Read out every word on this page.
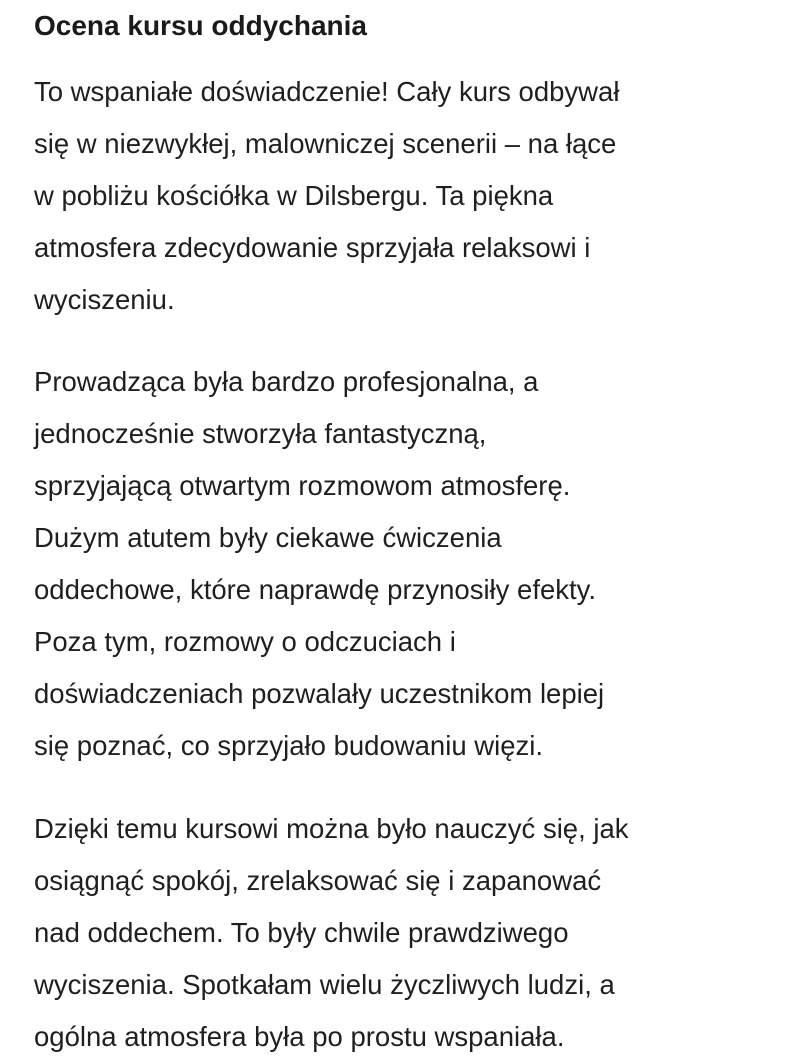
Ocena kursu oddychania

To wspaniałe doświadczenie! Cały kurs odbywał
się w niezwykłej, malowniczej scenerii – na łące
w pobliżu kościółka w Dilsbergu. Ta piękna
atmosfera zdecydowanie sprzyjała relaksowi i
wyciszeniu.

Prowadząca była bardzo profesjonalna, a
jednocześnie stworzyła fantastyczną,
sprzyjającą otwartym rozmowom atmosferę.
Dużym atutem były ciekawe ćwiczenia
oddechowe, które naprawdę przynosiły efekty.
Poza tym, rozmowy o odczuciach i
doświadczeniach pozwalały uczestnikom lepiej
się poznać, co sprzyjało budowaniu więzi.

Dzięki temu kursowi można było nauczyć się, jak
osiągnąć spokój, zrelaksować się i zapanować
nad oddechem. To były chwile prawdziwego
wyciszenia. Spotkałam wielu życzliwych ludzi, a
ogólna atmosfera była po prostu wspaniała.
